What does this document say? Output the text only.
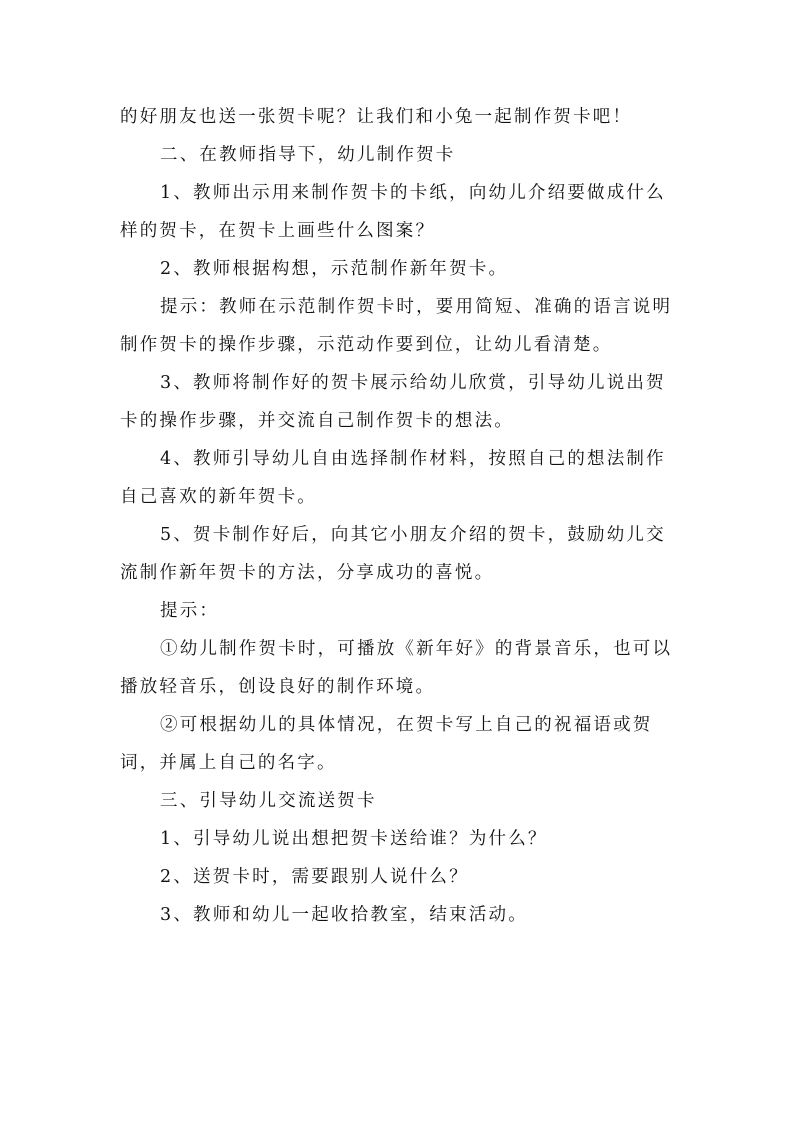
的好朋友也送一张贺卡呢？让我们和小兔一起制作贺卡吧！

二、在教师指导下，幼儿制作贺卡

1、教师出示用来制作贺卡的卡纸，向幼儿介绍要做成什么样的贺卡，在贺卡上画些什么图案？

2、教师根据构想，示范制作新年贺卡。

提示：教师在示范制作贺卡时，要用简短、准确的语言说明制作贺卡的操作步骤，示范动作要到位，让幼儿看清楚。

3、教师将制作好的贺卡展示给幼儿欣赏，引导幼儿说出贺卡的操作步骤，并交流自己制作贺卡的想法。

4、教师引导幼儿自由选择制作材料，按照自己的想法制作自己喜欢的新年贺卡。

5、贺卡制作好后，向其它小朋友介绍的贺卡，鼓励幼儿交流制作新年贺卡的方法，分享成功的喜悦。

提示：

①幼儿制作贺卡时，可播放《新年好》的背景音乐，也可以播放轻音乐，创设良好的制作环境。

②可根据幼儿的具体情况，在贺卡写上自己的祝福语或贺词，并属上自己的名字。

三、引导幼儿交流送贺卡

1、引导幼儿说出想把贺卡送给谁？为什么？

2、送贺卡时，需要跟别人说什么？

3、教师和幼儿一起收拾教室，结束活动。
